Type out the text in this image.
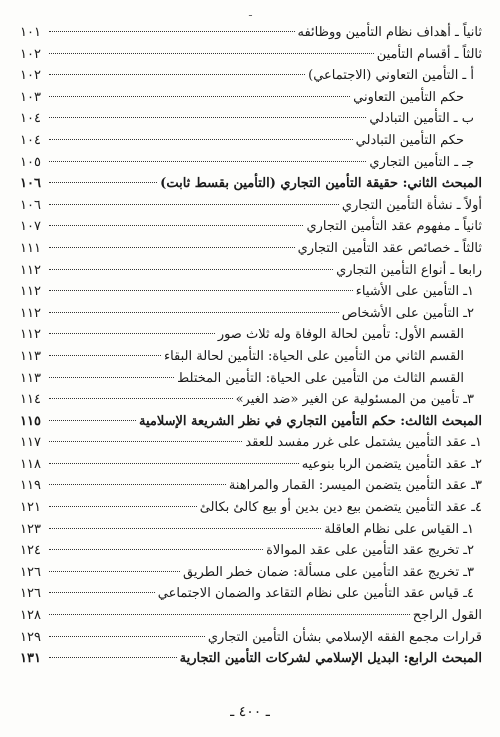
ـ
ثانياً ـ أهداف نظام التأمين ووظائفه
١٠١
ثالثاً ـ أقسام التأمين
١٠٢
أ ـ التأمين التعاوني (الاجتماعي)
١٠٢
حكم التأمين التعاوني
١٠٣
ب ـ التأمين التبادلي
١٠٤
حكم التأمين التبادلي
١٠٤
جـ ـ التأمين التجاري
١٠٥
المبحث الثاني: حقيقة التأمين التجاري (التأمين بقسط ثابت)
١٠٦
أولاً ـ نشأة التأمين التجاري
١٠٦
ثانياً ـ مفهوم عقد التأمين التجاري
١٠٧
ثالثاً ـ خصائص عقد التأمين التجاري
١١١
رابعا ـ أنواع التأمين التجاري
١١٢
١ـ التأمين على الأشياء
١١٢
٢ـ التأمين على الأشخاص
١١٢
القسم الأول: تأمين لحالة الوفاة وله ثلاث صور
١١٢
القسم الثاني من التأمين على الحياة: التأمين لحالة البقاء
١١٣
القسم الثالث من التأمين على الحياة: التأمين المختلط
١١٣
٣ـ تأمين من المسئولية عن الغير «ضد الغير»
١١٤
المبحث الثالث: حكم التأمين التجاري في نظر الشريعة الإسلامية
١١٥
١ـ عقد التأمين يشتمل على غرر مفسد للعقد
١١٧
٢ـ عقد التأمين يتضمن الربا بنوعيه
١١٨
٣ـ عقد التأمين يتضمن الميسر: القمار والمراهنة
١١٩
٤ـ عقد التأمين يتضمن بيع دين بدين أو بيع كالئ بكالئ
١٢١
١ـ القياس على نظام العاقلة
١٢٣
٢ـ تخريج عقد التأمين على عقد الموالاة
١٢٤
٣ـ تخريج عقد التأمين على مسألة: ضمان خطر الطريق
١٢٦
٤ـ قياس عقد التأمين على نظام التقاعد والضمان الاجتماعي
١٢٦
القول الراجح
١٢٨
قرارات مجمع الفقه الإسلامي بشأن التأمين التجاري
١٢٩
المبحث الرابع: البديل الإسلامي لشركات التأمين التجارية
١٣١
ـ ٤٠٠ ـ
